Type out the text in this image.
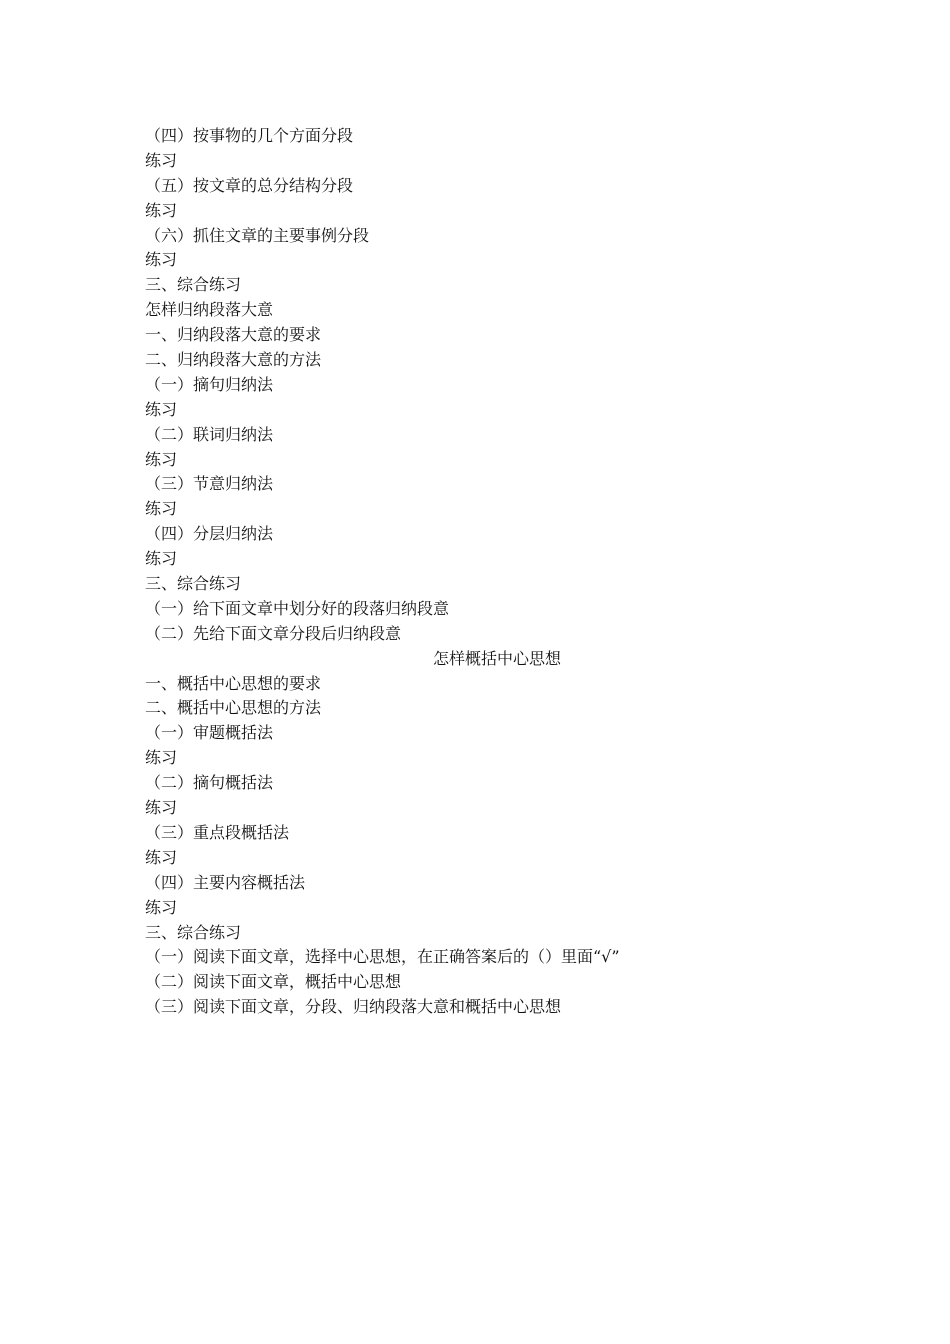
（四）按事物的几个方面分段
练习
（五）按文章的总分结构分段
练习
（六）抓住文章的主要事例分段
练习
三、综合练习
怎样归纳段落大意
一、归纳段落大意的要求
二、归纳段落大意的方法
（一）摘句归纳法
练习
（二）联词归纳法
练习
（三）节意归纳法
练习
（四）分层归纳法
练习
三、综合练习
（一）给下面文章中划分好的段落归纳段意
（二）先给下面文章分段后归纳段意
怎样概括中心思想
一、概括中心思想的要求
二、概括中心思想的方法
（一）审题概括法
练习
（二）摘句概括法
练习
（三）重点段概括法
练习
（四）主要内容概括法
练习
三、综合练习
（一）阅读下面文章，选择中心思想，在正确答案后的（）里面“√”
（二）阅读下面文章，概括中心思想
（三）阅读下面文章，分段、归纳段落大意和概括中心思想
